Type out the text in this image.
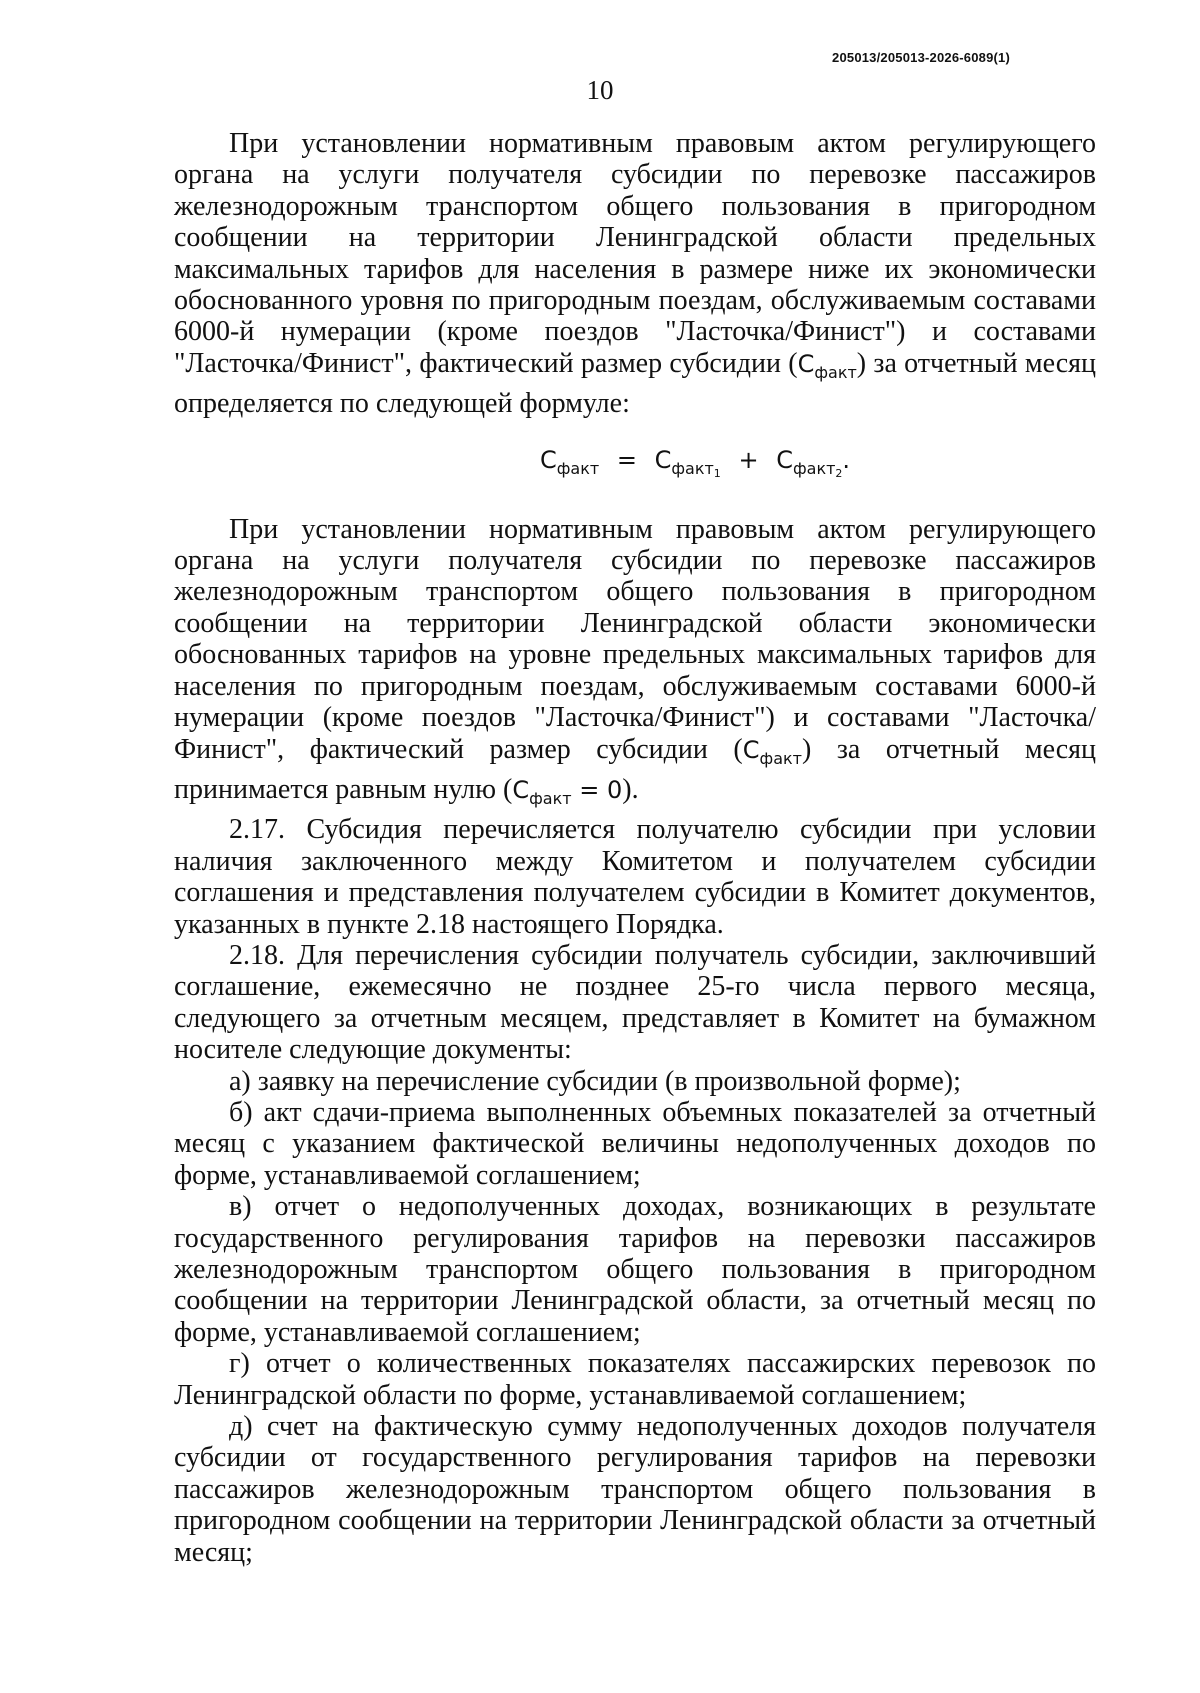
205013/205013-2026-6089(1)
10

При установлении нормативным правовым актом регулирующего органа на услуги получателя субсидии по перевозке пассажиров железнодорожным транспортом общего пользования в пригородном сообщении на территории Ленинградской области предельных максимальных тарифов для населения в размере ниже их экономически обоснованного уровня по пригородным поездам, обслуживаемым составами 6000-й нумерации (кроме поездов "Ласточка/Финист") и составами "Ласточка/Финист", фактический размер субсидии $(С_{факт})$ за отчетный месяц определяется по следующей формуле:

$С_{факт} = С_{факт1} + С_{факт2}$.

При установлении нормативным правовым актом регулирующего органа на услуги получателя субсидии по перевозке пассажиров железнодорожным транспортом общего пользования в пригородном сообщении на территории Ленинградской области экономически обоснованных тарифов на уровне предельных максимальных тарифов для населения по пригородным поездам, обслуживаемым составами 6000-й нумерации (кроме поездов "Ласточка/Финист") и составами "Ласточка/Финист", фактический размер субсидии $(С_{факт})$ за отчетный месяц принимается равным нулю $(С_{факт} = 0)$.

2.17. Субсидия перечисляется получателю субсидии при условии наличия заключенного между Комитетом и получателем субсидии соглашения и представления получателем субсидии в Комитет документов, указанных в пункте 2.18 настоящего Порядка.

2.18. Для перечисления субсидии получатель субсидии, заключивший соглашение, ежемесячно не позднее 25-го числа первого месяца, следующего за отчетным месяцем, представляет в Комитет на бумажном носителе следующие документы:

а) заявку на перечисление субсидии (в произвольной форме);

б) акт сдачи-приема выполненных объемных показателей за отчетный месяц с указанием фактической величины недополученных доходов по форме, устанавливаемой соглашением;

в) отчет о недополученных доходах, возникающих в результате государственного регулирования тарифов на перевозки пассажиров железнодорожным транспортом общего пользования в пригородном сообщении на территории Ленинградской области, за отчетный месяц по форме, устанавливаемой соглашением;

г) отчет о количественных показателях пассажирских перевозок по Ленинградской области по форме, устанавливаемой соглашением;

д) счет на фактическую сумму недополученных доходов получателя субсидии от государственного регулирования тарифов на перевозки пассажиров железнодорожным транспортом общего пользования в пригородном сообщении на территории Ленинградской области за отчетный месяц;
